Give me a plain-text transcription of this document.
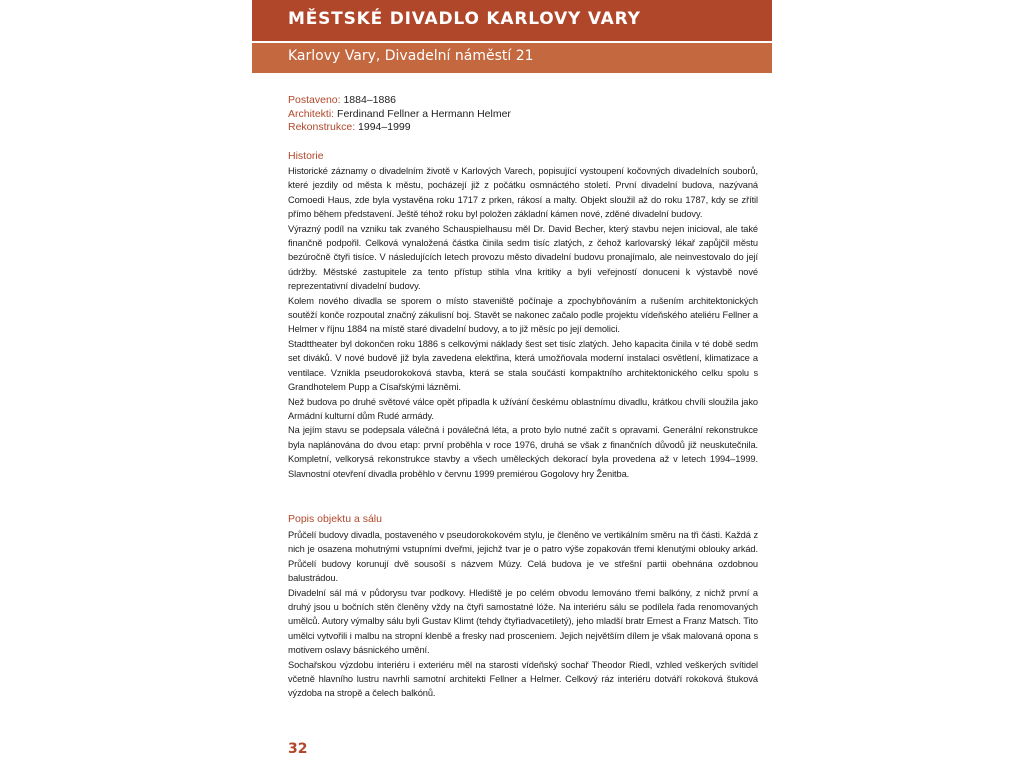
MĚSTSKÉ DIVADLO KARLOVY VARY
Karlovy Vary, Divadelní náměstí 21
Postaveno: 1884–1886
Architekti: Ferdinand Fellner a Hermann Helmer
Rekonstrukce: 1994–1999
Historie

Historické záznamy o divadelním životě v Karlových Varech, popisující vystoupení kočovných divadelních souborů, které jezdily od města k městu, pocházejí již z počátku osmnáctého století. První divadelní budova, nazývaná Comoedi Haus, zde byla vystavěna roku 1717 z prken, rákosí a malty. Objekt sloužil až do roku 1787, kdy se zřítil přímo během představení. Ještě téhož roku byl položen základní kámen nové, zděné divadelní budovy.

Výrazný podíl na vzniku tak zvaného Schauspielhausu měl Dr. David Becher, který stavbu nejen inicioval, ale také finančně podpořil. Celková vynaložená částka činila sedm tisíc zlatých, z čehož karlovarský lékař zapůjčil městu bezúročně čtyři tisíce. V následujících letech provozu město divadelní budovu pronajímalo, ale neinvestovalo do její údržby. Městské zastupitele za tento přístup stihla vlna kritiky a byli veřejností donuceni k výstavbě nové reprezentativní divadelní budovy.

Kolem nového divadla se sporem o místo staveniště počínaje a zpochybňováním a rušením architektonických soutěží konče rozpoutal značný zákulisní boj. Stavět se nakonec začalo podle projektu vídeňského ateliéru Fellner a Helmer v říjnu 1884 na místě staré divadelní budovy, a to již měsíc po její demolici.

Stadttheater byl dokončen roku 1886 s celkovými náklady šest set tisíc zlatých. Jeho kapacita činila v té době sedm set diváků. V nové budově již byla zavedena elektřina, která umožňovala moderní instalaci osvětlení, klimatizace a ventilace. Vznikla pseudorokoková stavba, která se stala součástí kompaktního architektonického celku spolu s Grandhotelem Pupp a Císařskými lázněmi.

Než budova po druhé světové válce opět připadla k užívání českému oblastnímu divadlu, krátkou chvíli sloužila jako Armádní kulturní dům Rudé armády.

Na jejím stavu se podepsala válečná i poválečná léta, a proto bylo nutné začít s opravami. Generální rekonstrukce byla naplánována do dvou etap: první proběhla v roce 1976, druhá se však z finančních důvodů již neuskutečnila. Kompletní, velkorysá rekonstrukce stavby a všech uměleckých dekorací byla provedena až v letech 1994–1999. Slavnostní otevření divadla proběhlo v červnu 1999 premiérou Gogolovy hry Ženitba.

Popis objektu a sálu

Průčelí budovy divadla, postaveného v pseudorokokovém stylu, je členěno ve vertikálním směru na tři části. Každá z nich je osazena mohutnými vstupními dveřmi, jejichž tvar je o patro výše zopakován třemi klenutými oblouky arkád. Průčelí budovy korunují dvě sousoší s názvem Múzy. Celá budova je ve střešní partii obehnána ozdobnou balustrádou.

Divadelní sál má v půdorysu tvar podkovy. Hlediště je po celém obvodu lemováno třemi balkóny, z nichž první a druhý jsou u bočních stěn členěny vždy na čtyři samostatné lóže. Na interiéru sálu se podílela řada renomovaných umělců. Autory výmalby sálu byli Gustav Klimt (tehdy čtyřiadvacetiletý), jeho mladší bratr Ernest a Franz Matsch. Tito umělci vytvořili i malbu na stropní klenbě a fresky nad prosceniem. Jejich největším dílem je však malovaná opona s motivem oslavy básnického umění.

Sochařskou výzdobu interiéru i exteriéru měl na starosti vídeňský sochař Theodor Riedl, vzhled veškerých svítidel včetně hlavního lustru navrhli samotní architekti Fellner a Helmer. Celkový ráz interiéru dotváří rokoková štuková výzdoba na stropě a čelech balkónů.

32
